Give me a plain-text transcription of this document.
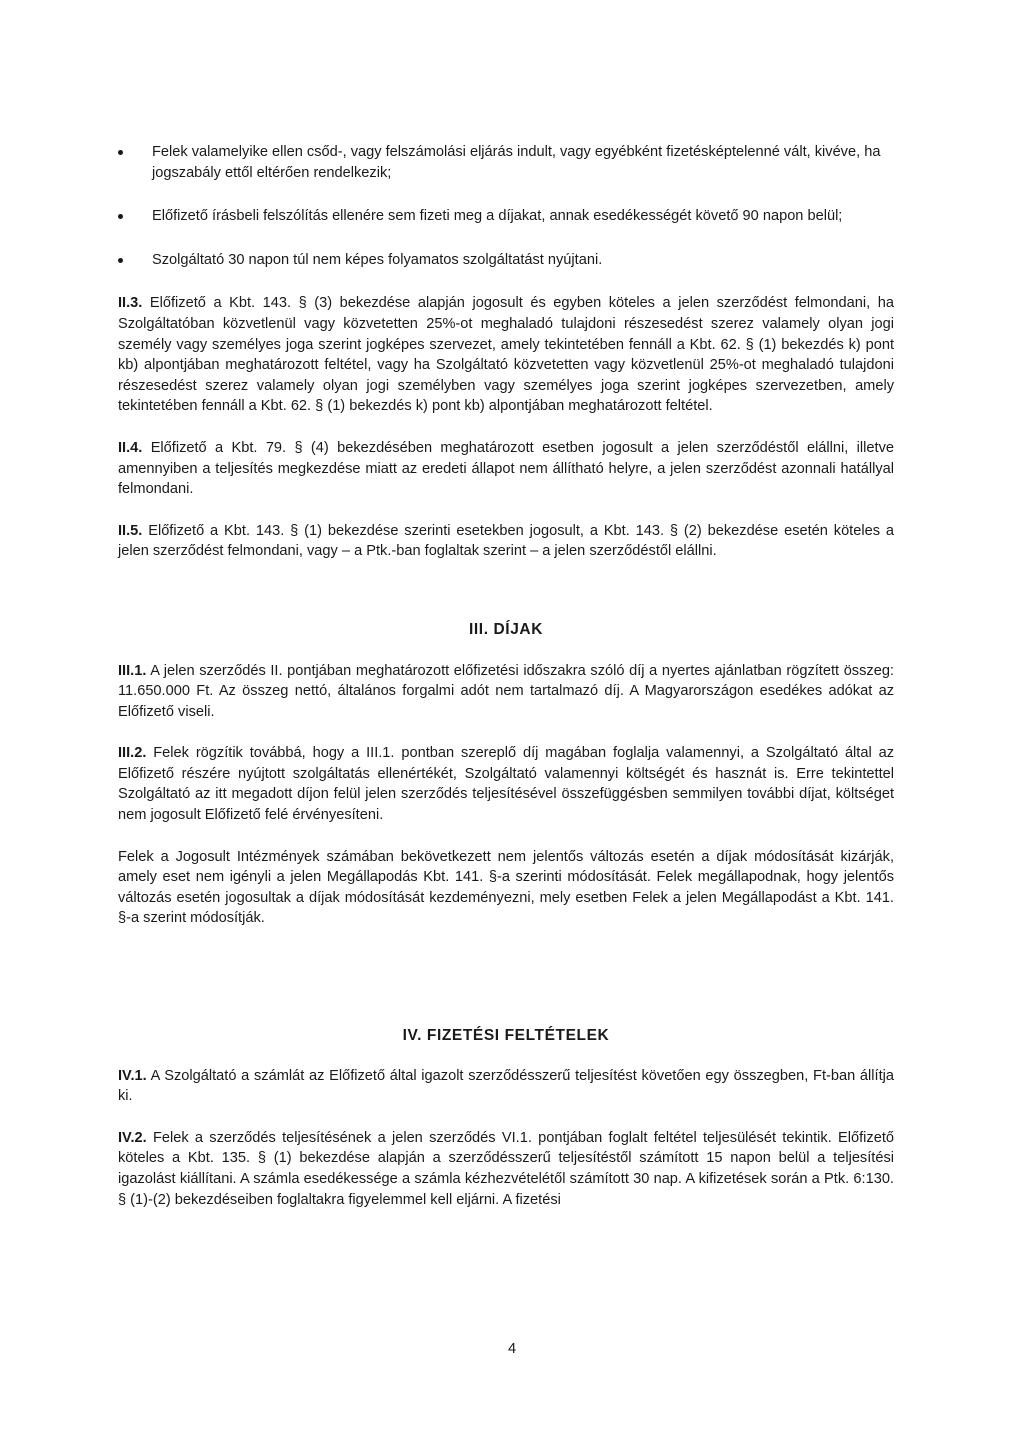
Felek valamelyike ellen csőd-, vagy felszámolási eljárás indult, vagy egyébként fizetésképtelenné vált, kivéve, ha jogszabály ettől eltérően rendelkezik;
Előfizető írásbeli felszólítás ellenére sem fizeti meg a díjakat, annak esedékességét követő 90 napon belül;
Szolgáltató 30 napon túl nem képes folyamatos szolgáltatást nyújtani.

II.3. Előfizető a Kbt. 143. § (3) bekezdése alapján jogosult és egyben köteles a jelen szerződést felmondani, ha Szolgáltatóban közvetlenül vagy közvetetten 25%-ot meghaladó tulajdoni részesedést szerez valamely olyan jogi személy vagy személyes joga szerint jogképes szervezet, amely tekintetében fennáll a Kbt. 62. § (1) bekezdés k) pont kb) alpontjában meghatározott feltétel, vagy ha Szolgáltató közvetetten vagy közvetlenül 25%-ot meghaladó tulajdoni részesedést szerez valamely olyan jogi személyben vagy személyes joga szerint jogképes szervezetben, amely tekintetében fennáll a Kbt. 62. § (1) bekezdés k) pont kb) alpontjában meghatározott feltétel.

II.4. Előfizető a Kbt. 79. § (4) bekezdésében meghatározott esetben jogosult a jelen szerződéstől elállni, illetve amennyiben a teljesítés megkezdése miatt az eredeti állapot nem állítható helyre, a jelen szerződést azonnali hatállyal felmondani.

II.5. Előfizető a Kbt. 143. § (1) bekezdése szerinti esetekben jogosult, a Kbt. 143. § (2) bekezdése esetén köteles a jelen szerződést felmondani, vagy – a Ptk.-ban foglaltak szerint – a jelen szerződéstől elállni.

III. DÍJAK

III.1. A jelen szerződés II. pontjában meghatározott előfizetési időszakra szóló díj a nyertes ajánlatban rögzített összeg: 11.650.000 Ft. Az összeg nettó, általános forgalmi adót nem tartalmazó díj. A Magyarországon esedékes adókat az Előfizető viseli.

III.2. Felek rögzítik továbbá, hogy a III.1. pontban szereplő díj magában foglalja valamennyi, a Szolgáltató által az Előfizető részére nyújtott szolgáltatás ellenértékét, Szolgáltató valamennyi költségét és hasznát is. Erre tekintettel Szolgáltató az itt megadott díjon felül jelen szerződés teljesítésével összefüggésben semmilyen további díjat, költséget nem jogosult Előfizető felé érvényesíteni.

Felek a Jogosult Intézmények számában bekövetkezett nem jelentős változás esetén a díjak módosítását kizárják, amely eset nem igényli a jelen Megállapodás Kbt. 141. §-a szerinti módosítását. Felek megállapodnak, hogy jelentős változás esetén jogosultak a díjak módosítását kezdeményezni, mely esetben Felek a jelen Megállapodást a Kbt. 141. §-a szerint módosítják.

IV. FIZETÉSI FELTÉTELEK

IV.1. A Szolgáltató a számlát az Előfizető által igazolt szerződésszerű teljesítést követően egy összegben, Ft-ban állítja ki.

IV.2. Felek a szerződés teljesítésének a jelen szerződés VI.1. pontjában foglalt feltétel teljesülését tekintik. Előfizető köteles a Kbt. 135. § (1) bekezdése alapján a szerződésszerű teljesítéstől számított 15 napon belül a teljesítési igazolást kiállítani. A számla esedékessége a számla kézhezvételétől számított 30 nap. A kifizetések során a Ptk. 6:130. § (1)-(2) bekezdéseiben foglaltakra figyelemmel kell eljárni. A fizetési

4
